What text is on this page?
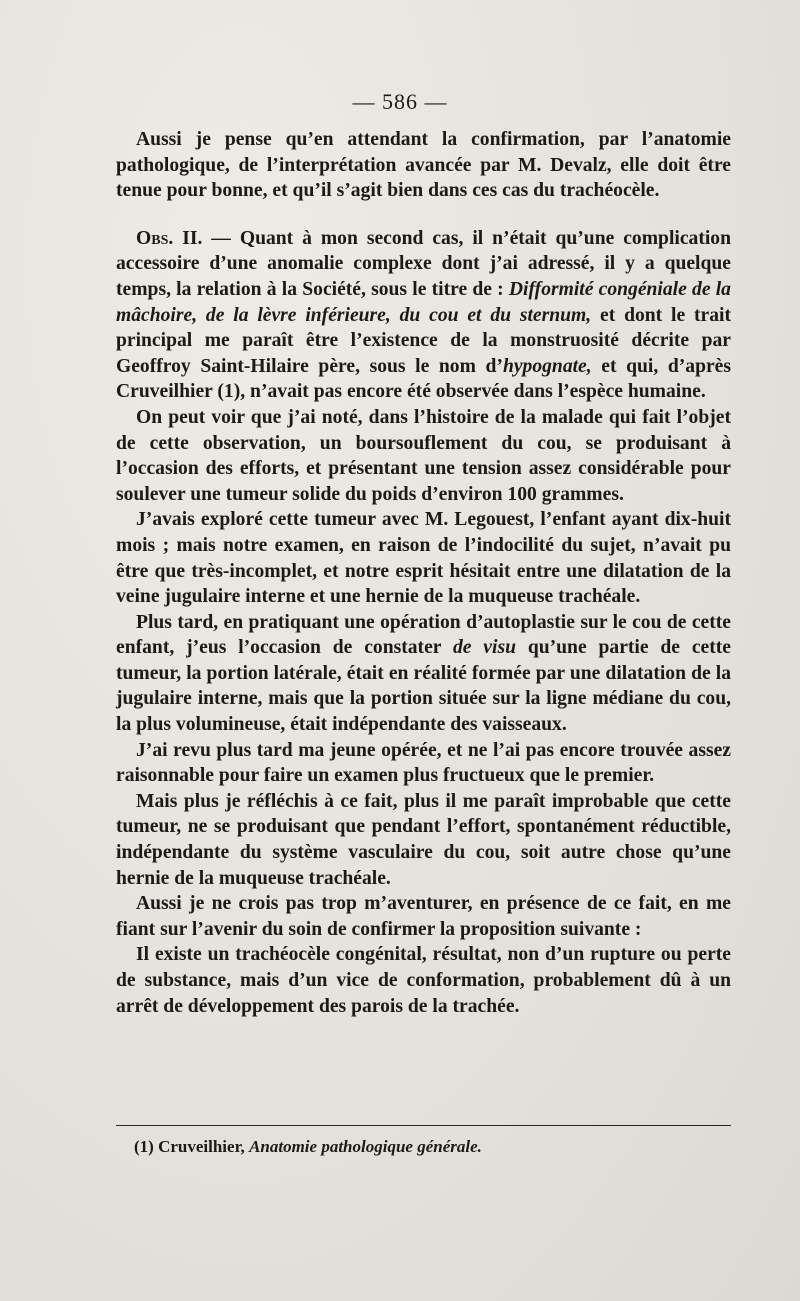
— 586 —

Aussi je pense qu’en attendant la confirmation, par l’anatomie pathologique, de l’interprétation avancée par M. Devalz, elle doit être tenue pour bonne, et qu’il s’agit bien dans ces cas du trachéocèle.

Obs. II. — Quant à mon second cas, il n’était qu’une complication accessoire d’une anomalie complexe dont j’ai adressé, il y a quelque temps, la relation à la Société, sous le titre de : Difformité congéniale de la mâchoire, de la lèvre inférieure, du cou et du sternum, et dont le trait principal me paraît être l’existence de la monstruosité décrite par Geoffroy Saint-Hilaire père, sous le nom d’hypognate, et qui, d’après Cruveilhier (1), n’avait pas encore été observée dans l’espèce humaine.

On peut voir que j’ai noté, dans l’histoire de la malade qui fait l’objet de cette observation, un boursouflement du cou, se produisant à l’occasion des efforts, et présentant une tension assez considérable pour soulever une tumeur solide du poids d’environ 100 grammes.

J’avais exploré cette tumeur avec M. Legouest, l’enfant ayant dix-huit mois ; mais notre examen, en raison de l’indocilité du sujet, n’avait pu être que très-incomplet, et notre esprit hésitait entre une dilatation de la veine jugulaire interne et une hernie de la muqueuse trachéale.

Plus tard, en pratiquant une opération d’autoplastie sur le cou de cette enfant, j’eus l’occasion de constater de visu qu’une partie de cette tumeur, la portion latérale, était en réalité formée par une dilatation de la jugulaire interne, mais que la portion située sur la ligne médiane du cou, la plus volumineuse, était indépendante des vaisseaux.

J’ai revu plus tard ma jeune opérée, et ne l’ai pas encore trouvée assez raisonnable pour faire un examen plus fructueux que le premier.

Mais plus je réfléchis à ce fait, plus il me paraît improbable que cette tumeur, ne se produisant que pendant l’effort, spontanément réductible, indépendante du système vasculaire du cou, soit autre chose qu’une hernie de la muqueuse trachéale.

Aussi je ne crois pas trop m’aventurer, en présence de ce fait, en me fiant sur l’avenir du soin de confirmer la proposition suivante :

Il existe un trachéocèle congénital, résultat, non d’un rupture ou perte de substance, mais d’un vice de conformation, probablement dû à un arrêt de développement des parois de la trachée.

(1) Cruveilhier, Anatomie pathologique générale.
